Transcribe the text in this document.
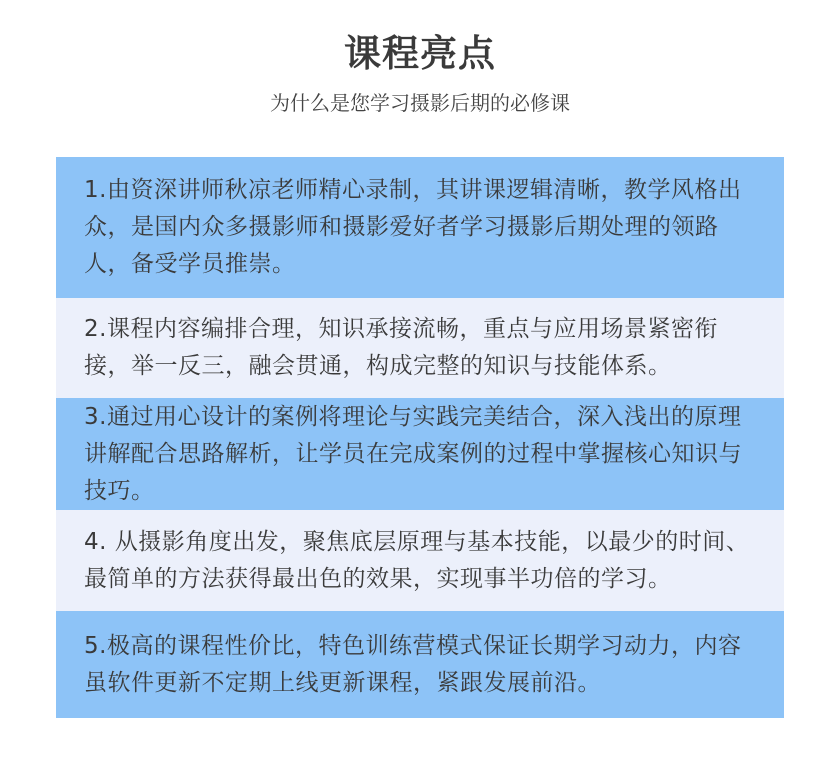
课程亮点
为什么是您学习摄影后期的必修课
1.由资深讲师秋凉老师精心录制，其讲课逻辑清晰，教学风格出众，是国内众多摄影师和摄影爱好者学习摄影后期处理的领路人，备受学员推崇。
2.课程内容编排合理，知识承接流畅，重点与应用场景紧密衔接，举一反三，融会贯通，构成完整的知识与技能体系。
3.通过用心设计的案例将理论与实践完美结合，深入浅出的原理讲解配合思路解析，让学员在完成案例的过程中掌握核心知识与技巧。
4. 从摄影角度出发，聚焦底层原理与基本技能，以最少的时间、最简单的方法获得最出色的效果，实现事半功倍的学习。
5.极高的课程性价比，特色训练营模式保证长期学习动力，内容虽软件更新不定期上线更新课程，紧跟发展前沿。
